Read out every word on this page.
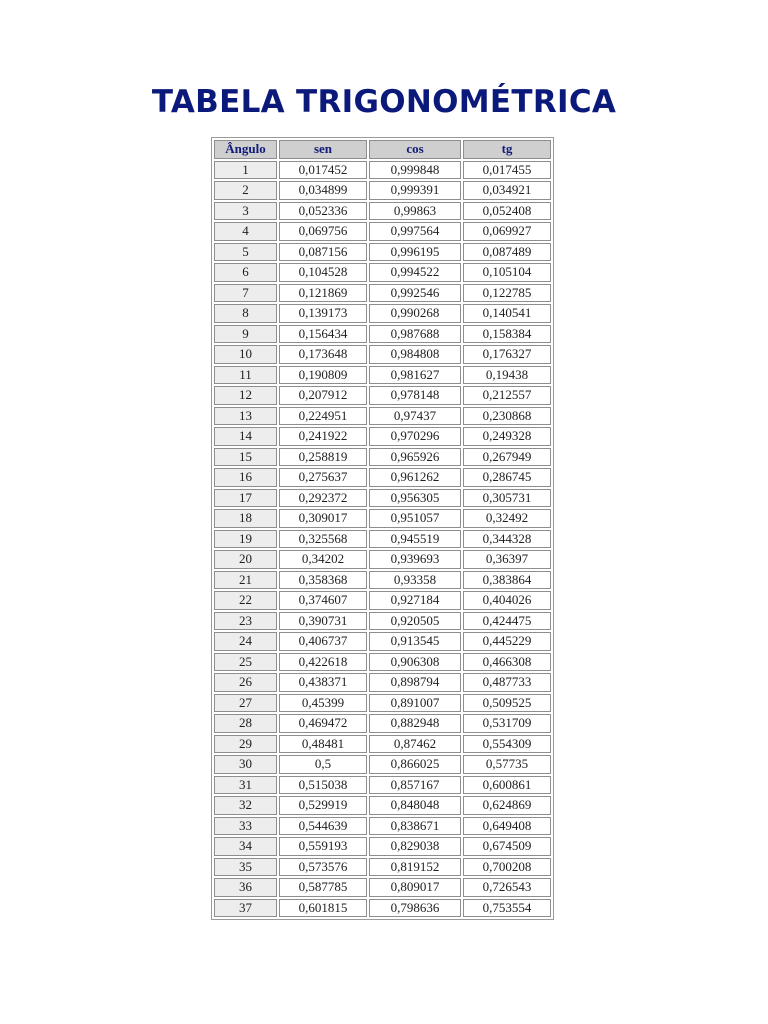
TABELA TRIGONOMÉTRICA
Ângulo	sen	cos	tg
1	0,017452	0,999848	0,017455
2	0,034899	0,999391	0,034921
3	0,052336	0,99863	0,052408
4	0,069756	0,997564	0,069927
5	0,087156	0,996195	0,087489
6	0,104528	0,994522	0,105104
7	0,121869	0,992546	0,122785
8	0,139173	0,990268	0,140541
9	0,156434	0,987688	0,158384
10	0,173648	0,984808	0,176327
11	0,190809	0,981627	0,19438
12	0,207912	0,978148	0,212557
13	0,224951	0,97437	0,230868
14	0,241922	0,970296	0,249328
15	0,258819	0,965926	0,267949
16	0,275637	0,961262	0,286745
17	0,292372	0,956305	0,305731
18	0,309017	0,951057	0,32492
19	0,325568	0,945519	0,344328
20	0,34202	0,939693	0,36397
21	0,358368	0,93358	0,383864
22	0,374607	0,927184	0,404026
23	0,390731	0,920505	0,424475
24	0,406737	0,913545	0,445229
25	0,422618	0,906308	0,466308
26	0,438371	0,898794	0,487733
27	0,45399	0,891007	0,509525
28	0,469472	0,882948	0,531709
29	0,48481	0,87462	0,554309
30	0,5	0,866025	0,57735
31	0,515038	0,857167	0,600861
32	0,529919	0,848048	0,624869
33	0,544639	0,838671	0,649408
34	0,559193	0,829038	0,674509
35	0,573576	0,819152	0,700208
36	0,587785	0,809017	0,726543
37	0,601815	0,798636	0,753554
